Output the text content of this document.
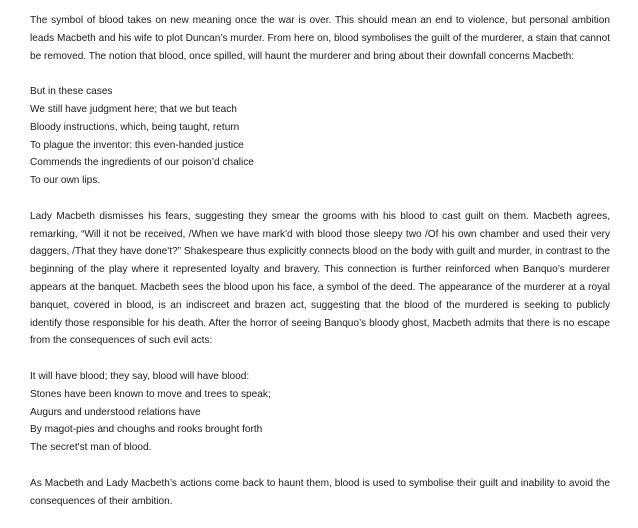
The symbol of blood takes on new meaning once the war is over. This should mean an end to violence, but personal ambition leads Macbeth and his wife to plot Duncan’s murder. From here on, blood symbolises the guilt of the murderer, a stain that cannot be removed. The notion that blood, once spilled, will haunt the murderer and bring about their downfall concerns Macbeth:

But in these cases
We still have judgment here; that we but teach
Bloody instructions, which, being taught, return
To plague the inventor: this even-handed justice
Commends the ingredients of our poison’d chalice
To our own lips.

Lady Macbeth dismisses his fears, suggesting they smear the grooms with his blood to cast guilt on them. Macbeth agrees, remarking, “Will it not be received, /When we have mark'd with blood those sleepy two /Of his own chamber and used their very daggers, /That they have done't?” Shakespeare thus explicitly connects blood on the body with guilt and murder, in contrast to the beginning of the play where it represented loyalty and bravery. This connection is further reinforced when Banquo’s murderer appears at the banquet. Macbeth sees the blood upon his face, a symbol of the deed. The appearance of the murderer at a royal banquet, covered in blood, is an indiscreet and brazen act, suggesting that the blood of the murdered is seeking to publicly identify those responsible for his death. After the horror of seeing Banquo’s bloody ghost, Macbeth admits that there is no escape from the consequences of such evil acts:

It will have blood; they say, blood will have blood:
Stones have been known to move and trees to speak;
Augurs and understood relations have
By magot-pies and choughs and rooks brought forth
The secret'st man of blood.

As Macbeth and Lady Macbeth’s actions come back to haunt them, blood is used to symbolise their guilt and inability to avoid the consequences of their ambition.
